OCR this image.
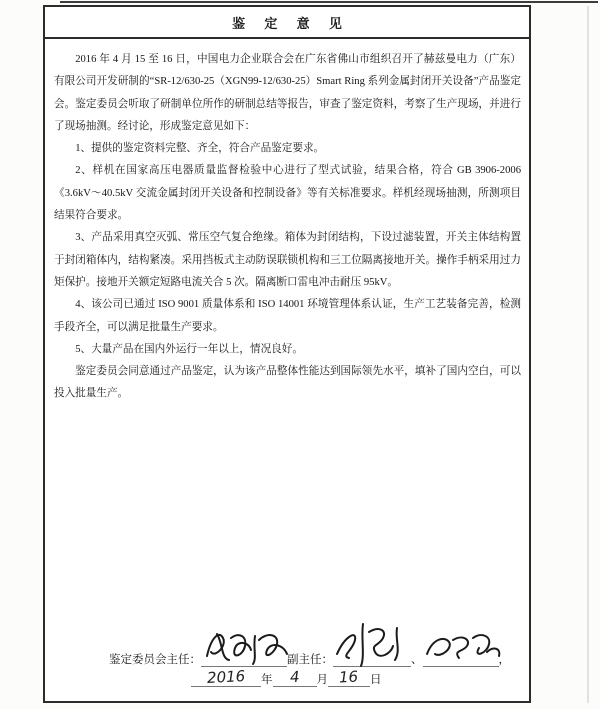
鉴 定 意 见

2016 年 4 月 15 至 16 日，中国电力企业联合会在广东省佛山市组织召开了赫兹曼电力（广东）有限公司开发研制的“SR-12/630-25（XGN99-12/630-25）Smart Ring 系列金属封闭开关设备”产品鉴定会。鉴定委员会听取了研制单位所作的研制总结等报告，审查了鉴定资料，考察了生产现场，并进行了现场抽测。经讨论，形成鉴定意见如下：

1、提供的鉴定资料完整、齐全，符合产品鉴定要求。

2、样机在国家高压电器质量监督检验中心进行了型式试验，结果合格，符合 GB 3906-2006《3.6kV～40.5kV 交流金属封闭开关设备和控制设备》等有关标准要求。样机经现场抽测，所测项目结果符合要求。

3、产品采用真空灭弧、常压空气复合绝缘。箱体为封闭结构，下设过滤装置，开关主体结构置于封闭箱体内，结构紧凑。采用挡板式主动防误联锁机构和三工位隔离接地开关。操作手柄采用过力矩保护。接地开关额定短路电流关合 5 次。隔离断口雷电冲击耐压 95kV。

4、该公司已通过 ISO 9001 质量体系和 ISO 14001 环境管理体系认证，生产工艺装备完善，检测手段齐全，可以满足批量生产要求。

5、大量产品在国内外运行一年以上，情况良好。

鉴定委员会同意通过产品鉴定，认为该产品整体性能达到国际领先水平，填补了国内空白，可以投入批量生产。

鉴定委员会主任：	副主任：	、	，
2016	年	4	月 16 日
